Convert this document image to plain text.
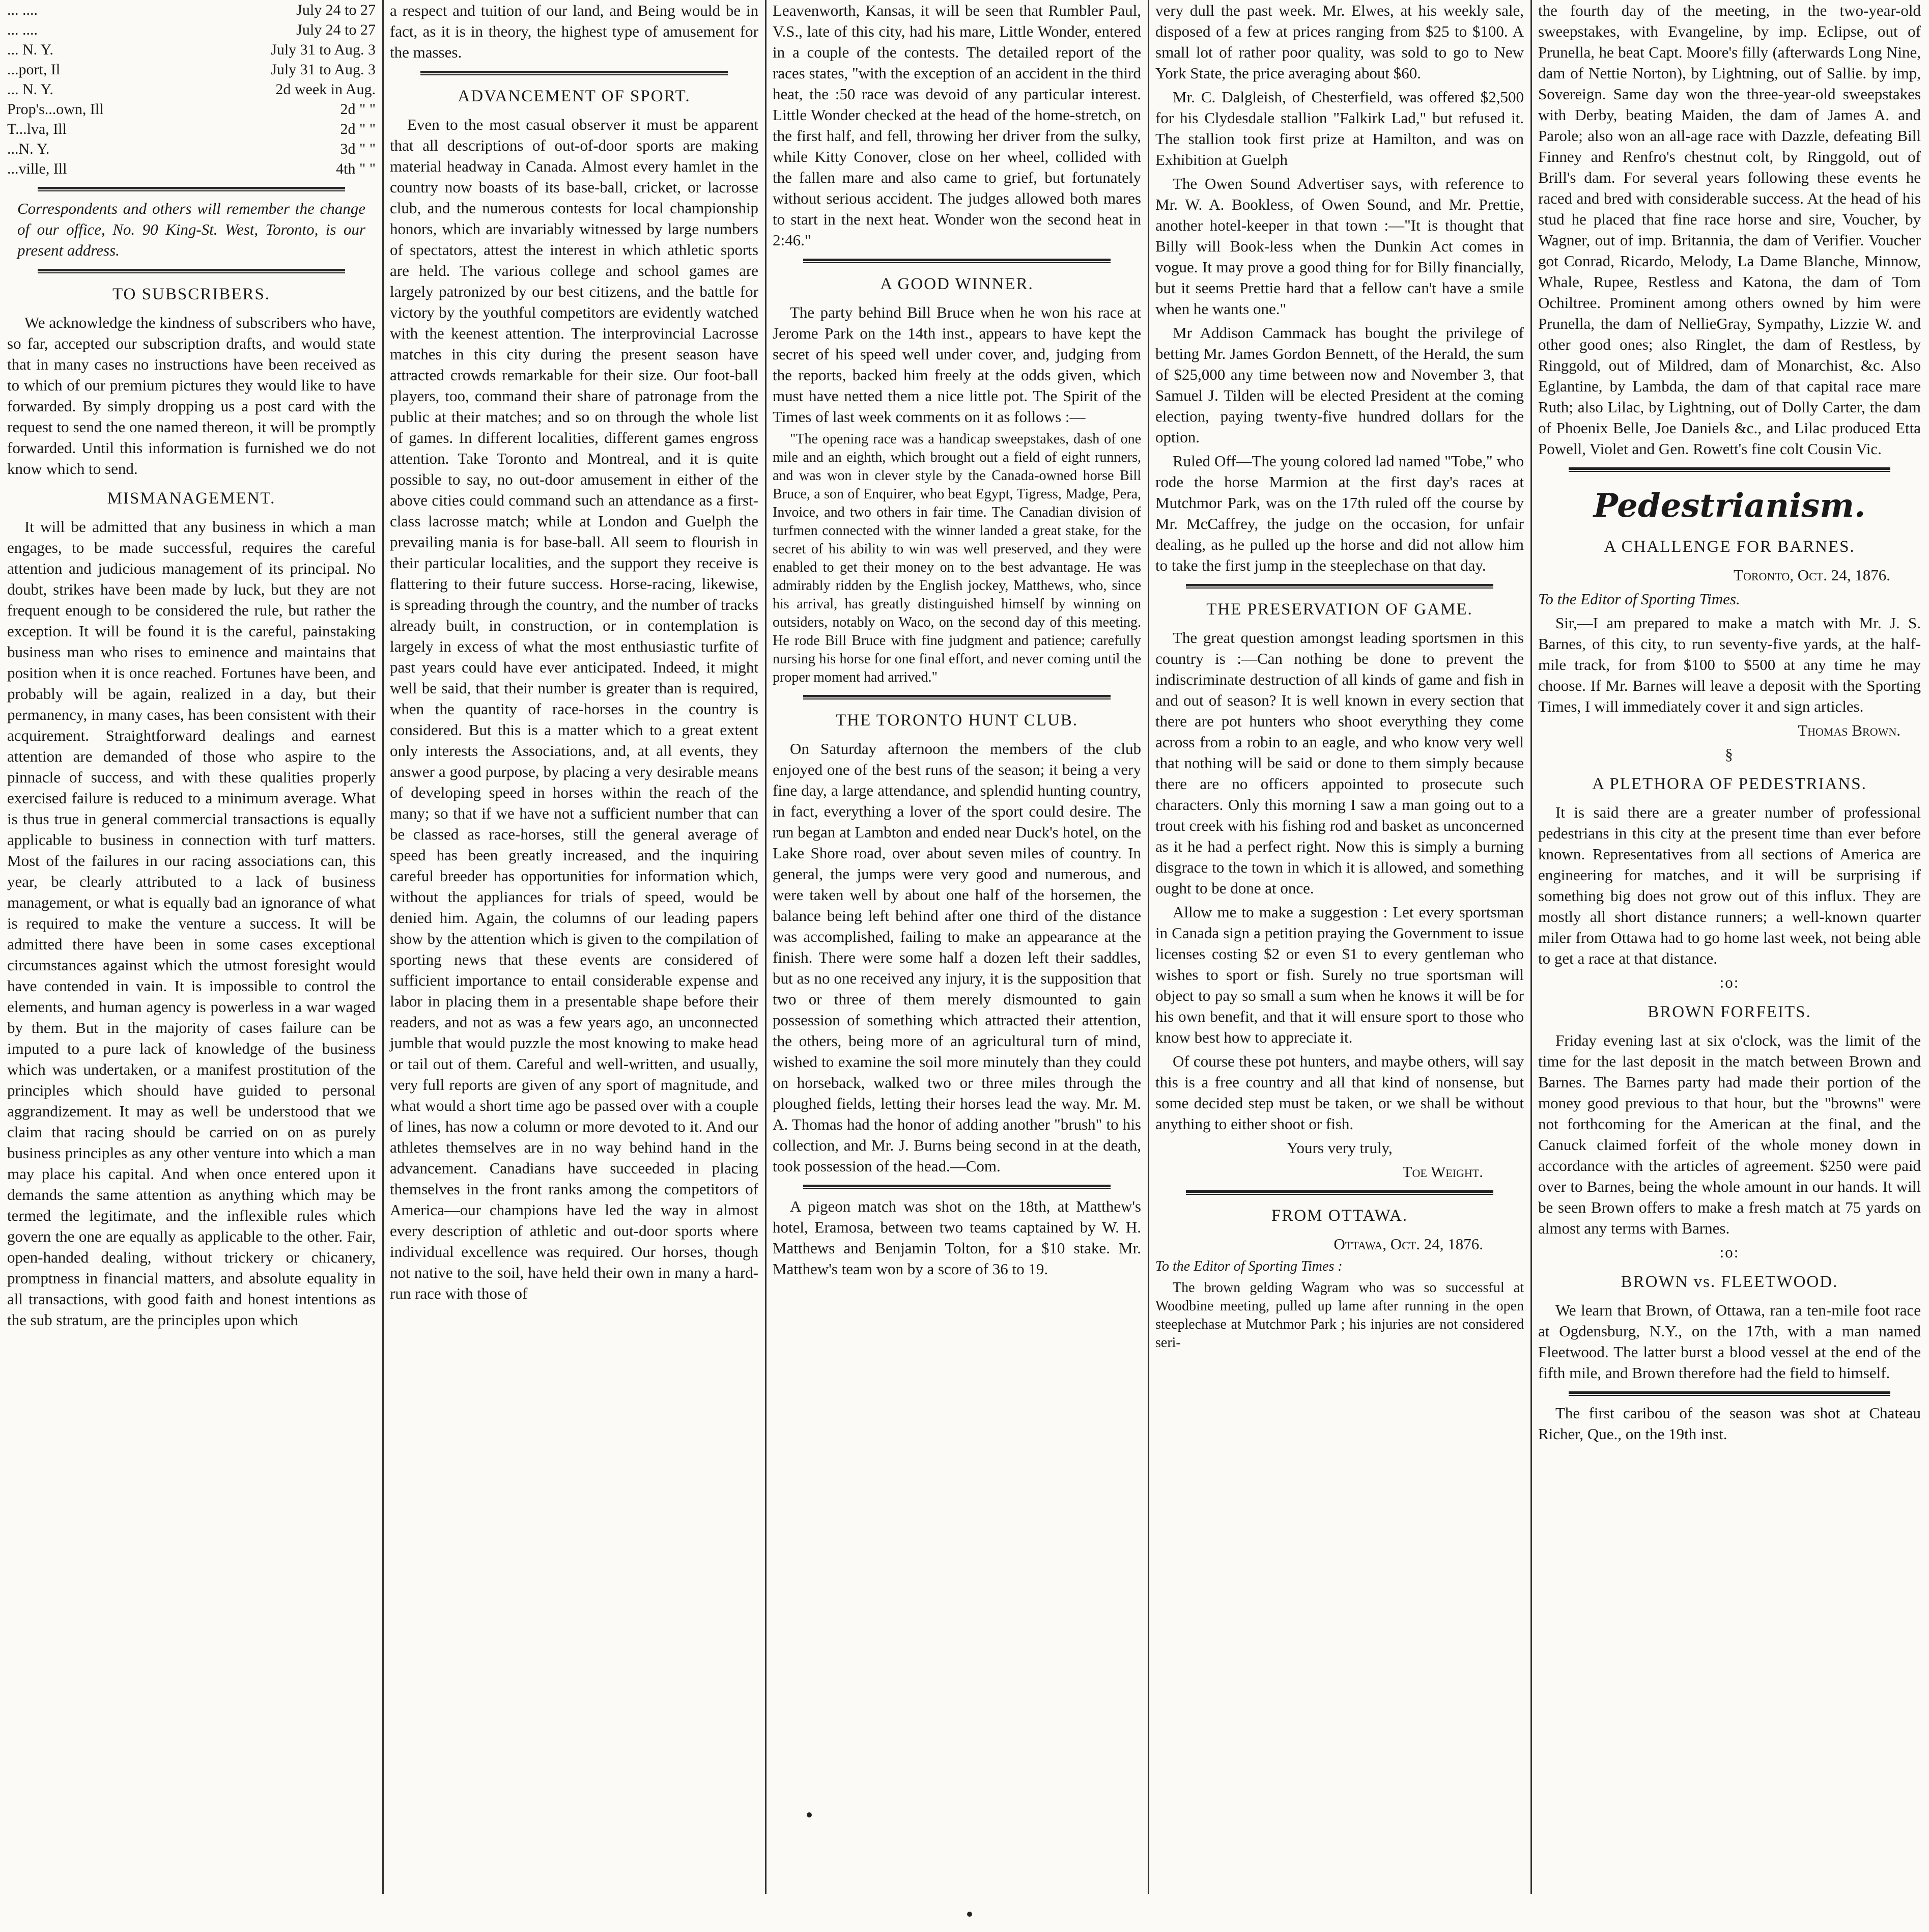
... ....	July 24 to 27
... ....	July 24 to 27
... N. Y.	July 31 to Aug. 3
...port, Il	July 31 to Aug. 3
... N. Y.	2d week in Aug.
Prop's...own, Ill	2d " "
T...lva, Ill	2d " "
...N. Y.	3d " "
...ville, Ill	4th " "

Correspondents and others will remember the change of our office, No. 90 King-St. West, Toronto, is our present address.

TO SUBSCRIBERS.

We acknowledge the kindness of subscribers who have, so far, accepted our subscription drafts, and would state that in many cases no instructions have been received as to which of our premium pictures they would like to have forwarded. By simply dropping us a post card with the request to send the one named thereon, it will be promptly forwarded. Until this information is furnished we do not know which to send.

MISMANAGEMENT.

It will be admitted that any business in which a man engages, to be made successful, requires the careful attention and judicious management of its principal. No doubt, strikes have been made by luck, but they are not frequent enough to be considered the rule, but rather the exception. It will be found it is the careful, painstaking business man who rises to eminence and maintains that position when it is once reached. Fortunes have been, and probably will be again, realized in a day, but their permanency, in many cases, has been consistent with their acquirement. Straightforward dealings and earnest attention are demanded of those who aspire to the pinnacle of success, and with these qualities properly exercised failure is reduced to a minimum average. What is thus true in general commercial transactions is equally applicable to business in connection with turf matters. Most of the failures in our racing associations can, this year, be clearly attributed to a lack of business management, or what is equally bad an ignorance of what is required to make the venture a success. It will be admitted there have been in some cases exceptional circumstances against which the utmost foresight would have contended in vain. It is impossible to control the elements, and human agency is powerless in a war waged by them. But in the majority of cases failure can be imputed to a pure lack of knowledge of the business which was undertaken, or a manifest prostitution of the principles which should have guided to personal aggrandizement. It may as well be understood that we claim that racing should be carried on on as purely business principles as any other venture into which a man may place his capital. And when once entered upon it demands the same attention as anything which may be termed the legitimate, and the inflexible rules which govern the one are equally as applicable to the other. Fair, open-handed dealing, without trickery or chicanery, promptness in financial matters, and absolute equality in all transactions, with good faith and honest intentions as the sub stratum, are the principles upon which

a respect and tuition of our land, and Being would be in fact, as it is in theory, the highest type of amusement for the masses.

ADVANCEMENT OF SPORT.

Even to the most casual observer it must be apparent that all descriptions of out-of-door sports are making material headway in Canada. Almost every hamlet in the country now boasts of its base-ball, cricket, or lacrosse club, and the numerous contests for local championship honors, which are invariably witnessed by large numbers of spectators, attest the interest in which athletic sports are held. The various college and school games are largely patronized by our best citizens, and the battle for victory by the youthful competitors are evidently watched with the keenest attention. The interprovincial Lacrosse matches in this city during the present season have attracted crowds remarkable for their size. Our foot-ball players, too, command their share of patronage from the public at their matches; and so on through the whole list of games. In different localities, different games engross attention. Take Toronto and Montreal, and it is quite possible to say, no out-door amusement in either of the above cities could command such an attendance as a first-class lacrosse match; while at London and Guelph the prevailing mania is for base-ball. All seem to flourish in their particular localities, and the support they receive is flattering to their future success. Horse-racing, likewise, is spreading through the country, and the number of tracks already built, in construction, or in contemplation is largely in excess of what the most enthusiastic turfite of past years could have ever anticipated. Indeed, it might well be said, that their number is greater than is required, when the quantity of race-horses in the country is considered. But this is a matter which to a great extent only interests the Associations, and, at all events, they answer a good purpose, by placing a very desirable means of developing speed in horses within the reach of the many; so that if we have not a sufficient number that can be classed as race-horses, still the general average of speed has been greatly increased, and the inquiring careful breeder has opportunities for information which, without the appliances for trials of speed, would be denied him. Again, the columns of our leading papers show by the attention which is given to the compilation of sporting news that these events are considered of sufficient importance to entail considerable expense and labor in placing them in a presentable shape before their readers, and not as was a few years ago, an unconnected jumble that would puzzle the most knowing to make head or tail out of them. Careful and well-written, and usually, very full reports are given of any sport of magnitude, and what would a short time ago be passed over with a couple of lines, has now a column or more devoted to it. And our athletes themselves are in no way behind hand in the advancement. Canadians have succeeded in placing themselves in the front ranks among the competitors of America—our champions have led the way in almost every description of athletic and out-door sports where individual excellence was required. Our horses, though not native to the soil, have held their own in many a hard-run race with those of

Leavenworth, Kansas, it will be seen that Rumbler Paul, V.S., late of this city, had his mare, Little Wonder, entered in a couple of the contests. The detailed report of the races states, "with the exception of an accident in the third heat, the :50 race was devoid of any particular interest. Little Wonder checked at the head of the home-stretch, on the first half, and fell, throwing her driver from the sulky, while Kitty Conover, close on her wheel, collided with the fallen mare and also came to grief, but fortunately without serious accident. The judges allowed both mares to start in the next heat. Wonder won the second heat in 2:46."

A GOOD WINNER.

The party behind Bill Bruce when he won his race at Jerome Park on the 14th inst., appears to have kept the secret of his speed well under cover, and, judging from the reports, backed him freely at the odds given, which must have netted them a nice little pot. The Spirit of the Times of last week comments on it as follows :—

"The opening race was a handicap sweepstakes, dash of one mile and an eighth, which brought out a field of eight runners, and was won in clever style by the Canada-owned horse Bill Bruce, a son of Enquirer, who beat Egypt, Tigress, Madge, Pera, Invoice, and two others in fair time. The Canadian division of turfmen connected with the winner landed a great stake, for the secret of his ability to win was well preserved, and they were enabled to get their money on to the best advantage. He was admirably ridden by the English jockey, Matthews, who, since his arrival, has greatly distinguished himself by winning on outsiders, notably on Waco, on the second day of this meeting. He rode Bill Bruce with fine judgment and patience; carefully nursing his horse for one final effort, and never coming until the proper moment had arrived."

THE TORONTO HUNT CLUB.

On Saturday afternoon the members of the club enjoyed one of the best runs of the season; it being a very fine day, a large attendance, and splendid hunting country, in fact, everything a lover of the sport could desire. The run began at Lambton and ended near Duck's hotel, on the Lake Shore road, over about seven miles of country. In general, the jumps were very good and numerous, and were taken well by about one half of the horsemen, the balance being left behind after one third of the distance was accomplished, failing to make an appearance at the finish. There were some half a dozen left their saddles, but as no one received any injury, it is the supposition that two or three of them merely dismounted to gain possession of something which attracted their attention, the others, being more of an agricultural turn of mind, wished to examine the soil more minutely than they could on horseback, walked two or three miles through the ploughed fields, letting their horses lead the way. Mr. M. A. Thomas had the honor of adding another "brush" to his collection, and Mr. J. Burns being second in at the death, took possession of the head.—Com.

A pigeon match was shot on the 18th, at Matthew's hotel, Eramosa, between two teams captained by W. H. Matthews and Benjamin Tolton, for a $10 stake. Mr. Matthew's team won by a score of 36 to 19.

very dull the past week. Mr. Elwes, at his weekly sale, disposed of a few at prices ranging from $25 to $100. A small lot of rather poor quality, was sold to go to New York State, the price averaging about $60.

Mr. C. Dalgleish, of Chesterfield, was offered $2,500 for his Clydesdale stallion "Falkirk Lad," but refused it. The stallion took first prize at Hamilton, and was on Exhibition at Guelph

The Owen Sound Advertiser says, with reference to Mr. W. A. Bookless, of Owen Sound, and Mr. Prettie, another hotel-keeper in that town :—"It is thought that Billy will Book-less when the Dunkin Act comes in vogue. It may prove a good thing for for Billy financially, but it seems Prettie hard that a fellow can't have a smile when he wants one."

Mr Addison Cammack has bought the privilege of betting Mr. James Gordon Bennett, of the Herald, the sum of $25,000 any time between now and November 3, that Samuel J. Tilden will be elected President at the coming election, paying twenty-five hundred dollars for the option.

Ruled Off—The young colored lad named "Tobe," who rode the horse Marmion at the first day's races at Mutchmor Park, was on the 17th ruled off the course by Mr. McCaffrey, the judge on the occasion, for unfair dealing, as he pulled up the horse and did not allow him to take the first jump in the steeplechase on that day.

THE PRESERVATION OF GAME.

The great question amongst leading sportsmen in this country is :—Can nothing be done to prevent the indiscriminate destruction of all kinds of game and fish in and out of season? It is well known in every section that there are pot hunters who shoot everything they come across from a robin to an eagle, and who know very well that nothing will be said or done to them simply because there are no officers appointed to prosecute such characters. Only this morning I saw a man going out to a trout creek with his fishing rod and basket as unconcerned as it he had a perfect right. Now this is simply a burning disgrace to the town in which it is allowed, and something ought to be done at once.

Allow me to make a suggestion : Let every sportsman in Canada sign a petition praying the Government to issue licenses costing $2 or even $1 to every gentleman who wishes to sport or fish. Surely no true sportsman will object to pay so small a sum when he knows it will be for his own benefit, and that it will ensure sport to those who know best how to appreciate it.

Of course these pot hunters, and maybe others, will say this is a free country and all that kind of nonsense, but some decided step must be taken, or we shall be without anything to either shoot or fish.

Yours very truly,

Toe Weight.

FROM OTTAWA.

Ottawa, Oct. 24, 1876.

To the Editor of Sporting Times :

The brown gelding Wagram who was so successful at Woodbine meeting, pulled up lame after running in the open steeplechase at Mutchmor Park ; his injuries are not considered seri-

the fourth day of the meeting, in the two-year-old sweepstakes, with Evangeline, by imp. Eclipse, out of Prunella, he beat Capt. Moore's filly (afterwards Long Nine, dam of Nettie Norton), by Lightning, out of Sallie. by imp, Sovereign. Same day won the three-year-old sweepstakes with Derby, beating Maiden, the dam of James A. and Parole; also won an all-age race with Dazzle, defeating Bill Finney and Renfro's chestnut colt, by Ringgold, out of Brill's dam. For several years following these events he raced and bred with considerable success. At the head of his stud he placed that fine race horse and sire, Voucher, by Wagner, out of imp. Britannia, the dam of Verifier. Voucher got Conrad, Ricardo, Melody, La Dame Blanche, Minnow, Whale, Rupee, Restless and Katona, the dam of Tom Ochiltree. Prominent among others owned by him were Prunella, the dam of NellieGray, Sympathy, Lizzie W. and other good ones; also Ringlet, the dam of Restless, by Ringgold, out of Mildred, dam of Monarchist, &c. Also Eglantine, by Lambda, the dam of that capital race mare Ruth; also Lilac, by Lightning, out of Dolly Carter, the dam of Phoenix Belle, Joe Daniels &c., and Lilac produced Etta Powell, Violet and Gen. Rowett's fine colt Cousin Vic.

Pedestrianism.
A CHALLENGE FOR BARNES.

Toronto, Oct. 24, 1876.

To the Editor of Sporting Times.

Sir,—I am prepared to make a match with Mr. J. S. Barnes, of this city, to run seventy-five yards, at the half-mile track, for from $100 to $500 at any time he may choose. If Mr. Barnes will leave a deposit with the Sporting Times, I will immediately cover it and sign articles.

Thomas Brown.

§
A PLETHORA OF PEDESTRIANS.

It is said there are a greater number of professional pedestrians in this city at the present time than ever before known. Representatives from all sections of America are engineering for matches, and it will be surprising if something big does not grow out of this influx. They are mostly all short distance runners; a well-known quarter miler from Ottawa had to go home last week, not being able to get a race at that distance.

:o:
BROWN FORFEITS.

Friday evening last at six o'clock, was the limit of the time for the last deposit in the match between Brown and Barnes. The Barnes party had made their portion of the money good previous to that hour, but the "browns" were not forthcoming for the American at the final, and the Canuck claimed forfeit of the whole money down in accordance with the articles of agreement. $250 were paid over to Barnes, being the whole amount in our hands. It will be seen Brown offers to make a fresh match at 75 yards on almost any terms with Barnes.

:o:
BROWN vs. FLEETWOOD.

We learn that Brown, of Ottawa, ran a ten-mile foot race at Ogdensburg, N.Y., on the 17th, with a man named Fleetwood. The latter burst a blood vessel at the end of the fifth mile, and Brown therefore had the field to himself.

The first caribou of the season was shot at Chateau Richer, Que., on the 19th inst.
